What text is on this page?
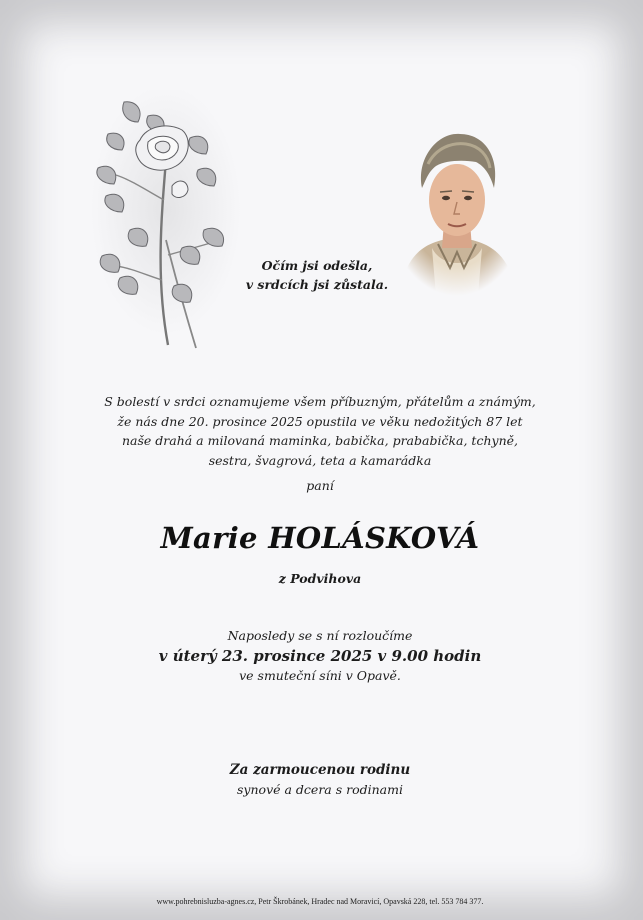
Očím jsi odešla,
v srdcích jsi zůstala.
S bolestí v srdci oznamujeme všem příbuzným, přátelům a známým,
že nás dne 20. prosince 2025 opustila ve věku nedožitých 87 let
naše drahá a milovaná maminka, babička, prababička, tchyně,
sestra, švagrová, teta a kamarádka
paní
Marie HOLÁSKOVÁ
z Podvihova
Naposledy se s ní rozloučíme
v úterý 23. prosince 2025 v 9.00 hodin
ve smuteční síni v Opavě.
Za zarmoucenou rodinu
synové a dcera s rodinami
www.pohrebnisluzba-agnes.cz, Petr Škrobánek, Hradec nad Moravicí, Opavská 228, tel. 553 784 377.
